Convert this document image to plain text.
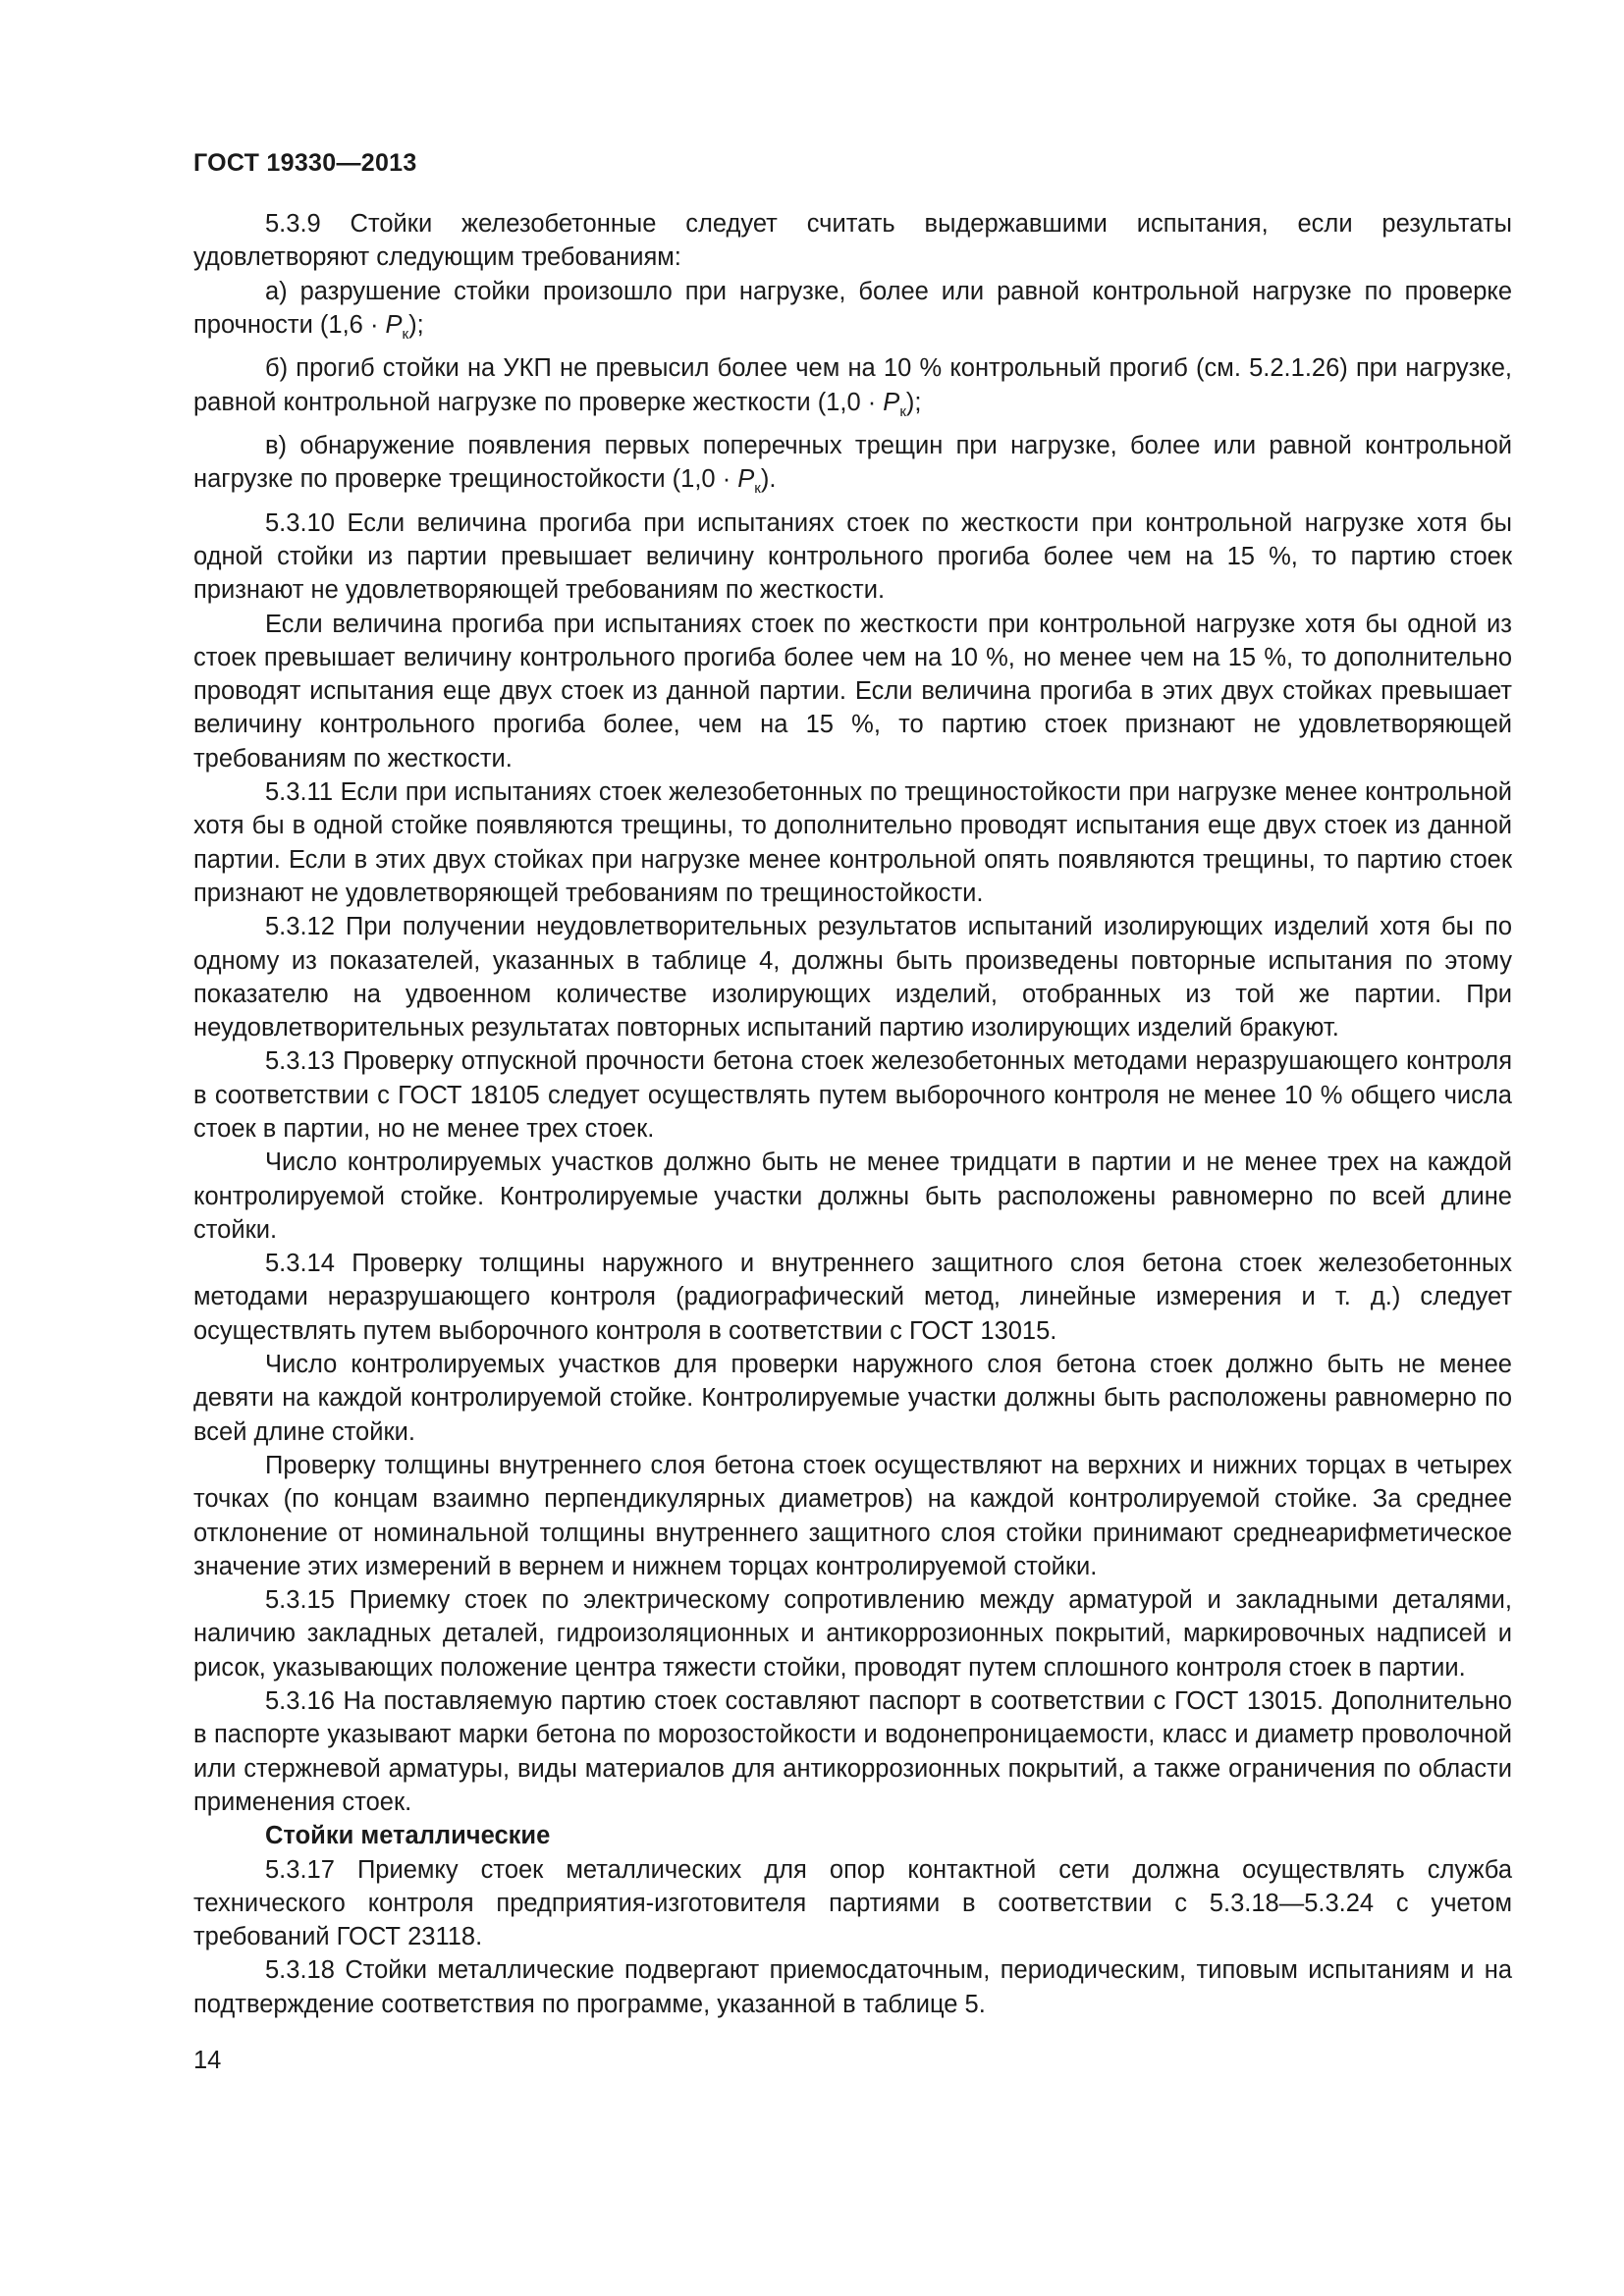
ГОСТ 19330—2013

5.3.9 Стойки железобетонные следует считать выдержавшими испытания, если результаты удовлетворяют следующим требованиям:

а) разрушение стойки произошло при нагрузке, более или равной контрольной нагрузке по проверке прочности $(1,6 \cdot P_к)$;

б) прогиб стойки на УКП не превысил более чем на 10 % контрольный прогиб (см. 5.2.1.26) при нагрузке, равной контрольной нагрузке по проверке жесткости $(1,0 \cdot P_к)$;

в) обнаружение появления первых поперечных трещин при нагрузке, более или равной контрольной нагрузке по проверке трещиностойкости $(1,0 \cdot P_к)$.

5.3.10 Если величина прогиба при испытаниях стоек по жесткости при контрольной нагрузке хотя бы одной стойки из партии превышает величину контрольного прогиба более чем на 15 %, то партию стоек признают не удовлетворяющей требованиям по жесткости.

Если величина прогиба при испытаниях стоек по жесткости при контрольной нагрузке хотя бы одной из стоек превышает величину контрольного прогиба более чем на 10 %, но менее чем на 15 %, то дополнительно проводят испытания еще двух стоек из данной партии. Если величина прогиба в этих двух стойках превышает величину контрольного прогиба более, чем на 15 %, то партию стоек признают не удовлетворяющей требованиям по жесткости.

5.3.11 Если при испытаниях стоек железобетонных по трещиностойкости при нагрузке менее контрольной хотя бы в одной стойке появляются трещины, то дополнительно проводят испытания еще двух стоек из данной партии. Если в этих двух стойках при нагрузке менее контрольной опять появляются трещины, то партию стоек признают не удовлетворяющей требованиям по трещиностойкости.

5.3.12 При получении неудовлетворительных результатов испытаний изолирующих изделий хотя бы по одному из показателей, указанных в таблице 4, должны быть произведены повторные испытания по этому показателю на удвоенном количестве изолирующих изделий, отобранных из той же партии. При неудовлетворительных результатах повторных испытаний партию изолирующих изделий бракуют.

5.3.13 Проверку отпускной прочности бетона стоек железобетонных методами неразрушающего контроля в соответствии с ГОСТ 18105 следует осуществлять путем выборочного контроля не менее 10 % общего числа стоек в партии, но не менее трех стоек.

Число контролируемых участков должно быть не менее тридцати в партии и не менее трех на каждой контролируемой стойке. Контролируемые участки должны быть расположены равномерно по всей длине стойки.

5.3.14 Проверку толщины наружного и внутреннего защитного слоя бетона стоек железобетонных методами неразрушающего контроля (радиографический метод, линейные измерения и т. д.) следует осуществлять путем выборочного контроля в соответствии с ГОСТ 13015.

Число контролируемых участков для проверки наружного слоя бетона стоек должно быть не менее девяти на каждой контролируемой стойке. Контролируемые участки должны быть расположены равномерно по всей длине стойки.

Проверку толщины внутреннего слоя бетона стоек осуществляют на верхних и нижних торцах в четырех точках (по концам взаимно перпендикулярных диаметров) на каждой контролируемой стойке. За среднее отклонение от номинальной толщины внутреннего защитного слоя стойки принимают среднеарифметическое значение этих измерений в вернем и нижнем торцах контролируемой стойки.

5.3.15 Приемку стоек по электрическому сопротивлению между арматурой и закладными деталями, наличию закладных деталей, гидроизоляционных и антикоррозионных покрытий, маркировочных надписей и рисок, указывающих положение центра тяжести стойки, проводят путем сплошного контроля стоек в партии.

5.3.16 На поставляемую партию стоек составляют паспорт в соответствии с ГОСТ 13015. Дополнительно в паспорте указывают марки бетона по морозостойкости и водонепроницаемости, класс и диаметр проволочной или стержневой арматуры, виды материалов для антикоррозионных покрытий, а также ограничения по области применения стоек.

Стойки металлические

5.3.17 Приемку стоек металлических для опор контактной сети должна осуществлять служба технического контроля предприятия-изготовителя партиями в соответствии с 5.3.18—5.3.24 с учетом требований ГОСТ 23118.

5.3.18 Стойки металлические подвергают приемосдаточным, периодическим, типовым испытаниям и на подтверждение соответствия по программе, указанной в таблице 5.

14
